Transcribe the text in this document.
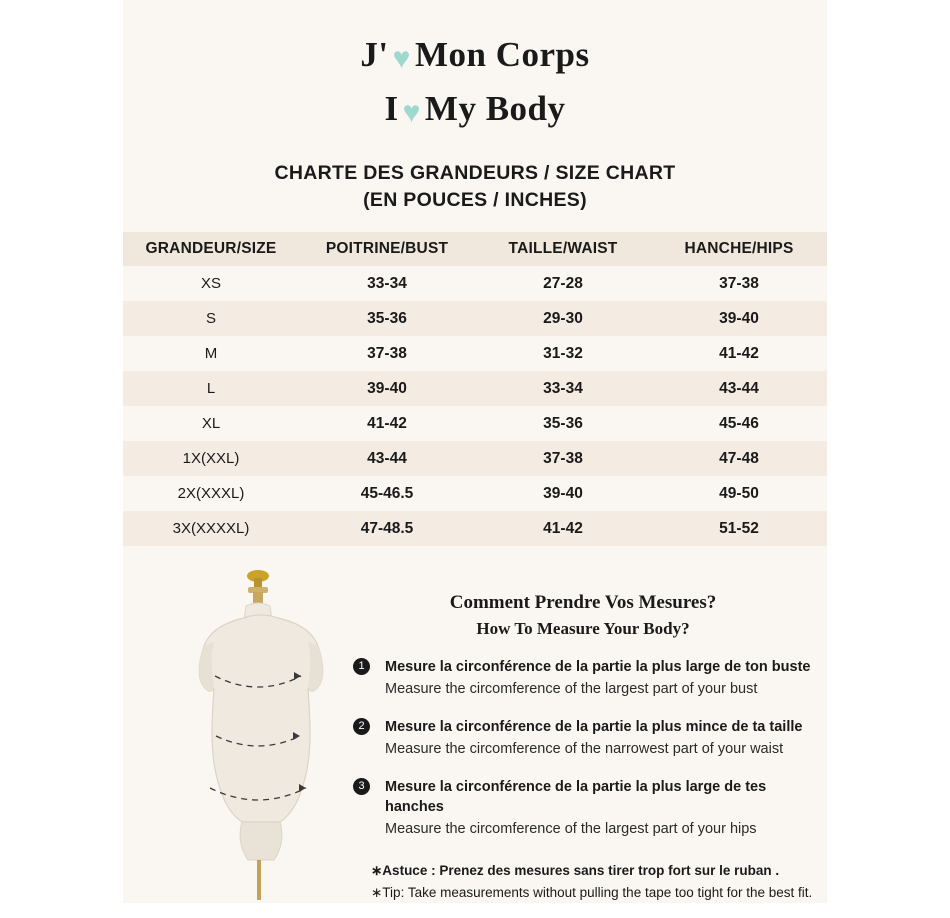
J' ♥ Mon Corps
I ♥ My Body
CHARTE DES GRANDEURS / SIZE CHART
(EN POUCES / INCHES)
GRANDEUR/SIZE	POITRINE/BUST	TAILLE/WAIST	HANCHE/HIPS
XS	33-34	27-28	37-38
S	35-36	29-30	39-40
M	37-38	31-32	41-42
L	39-40	33-34	43-44
XL	41-42	35-36	45-46
1X(XXL)	43-44	37-38	47-48
2X(XXXL)	45-46.5	39-40	49-50
3X(XXXXL)	47-48.5	41-42	51-52
Comment Prendre Vos Mesures?
How To Measure Your Body?
1	Mesure la circonférence de la partie la plus large de ton buste
Measure the circomference of the largest part of your bust
2	Mesure la circonférence de la partie la plus mince de ta taille
Measure the circomference of the narrowest part of your waist
3	Mesure la circonférence de la partie la plus large de tes hanches
Measure the circomference of the largest part of your hips
∗Astuce : Prenez des mesures sans tirer trop fort sur le ruban .
∗Tip: Take measurements without pulling the tape too tight for the best fit.
